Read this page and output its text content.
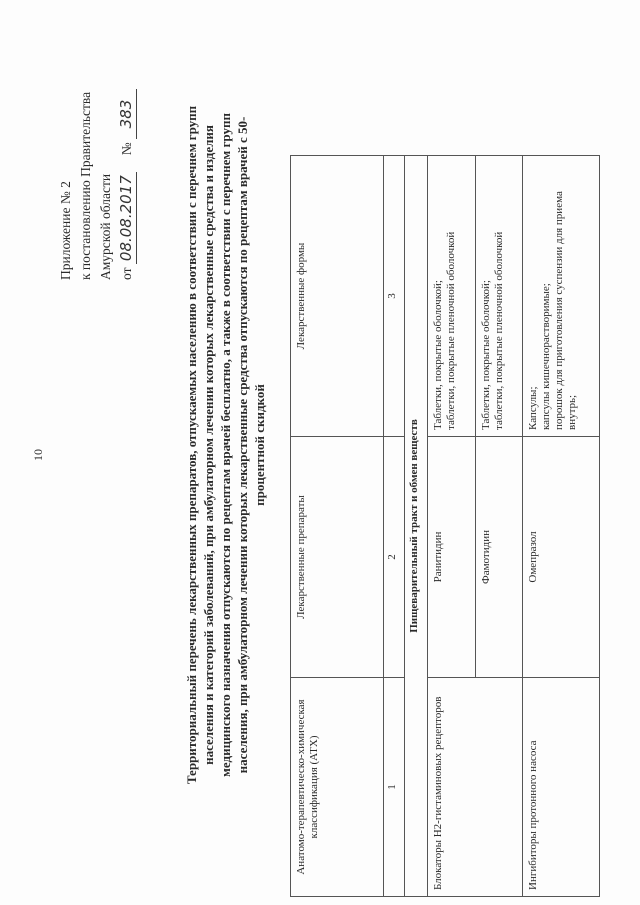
10
Приложение № 2 к постановлению Правительства Амурской области от 08.08.2017     № 383	Территориальный перечень лекарственных препаратов, отпускаемых населению в соответствии с перечнем групп населения и категорий заболеваний, при амбулаторном лечении которых лекарственные средства и изделия медицинского назначения отпускаются по рецептам врачей бесплатно, а также в соответствии с перечнем групп населения, при амбулаторном лечении которых лекарственные средства отпускаются по рецептам врачей с 50-процентной скидкой
Анатомо-терапевтическо-химическая классификация (АТХ)	Лекарственные препараты	Лекарственные формы
1	2	3
Пищеварительный тракт и обмен веществ		
Блокаторы Н2-гистаминовых рецепторов	Ранитидин	Таблетки, покрытые оболочкой; таблетки, покрытые пленочной оболочкой

	Фамотидин	Таблетки, покрытые оболочкой; таблетки, покрытые пленочной оболочкой

Ингибиторы протонного насоса	Омепразол	Капсулы; капсулы кишечнорастворимые; порошок для приготовления суспензии для приема внутрь;
